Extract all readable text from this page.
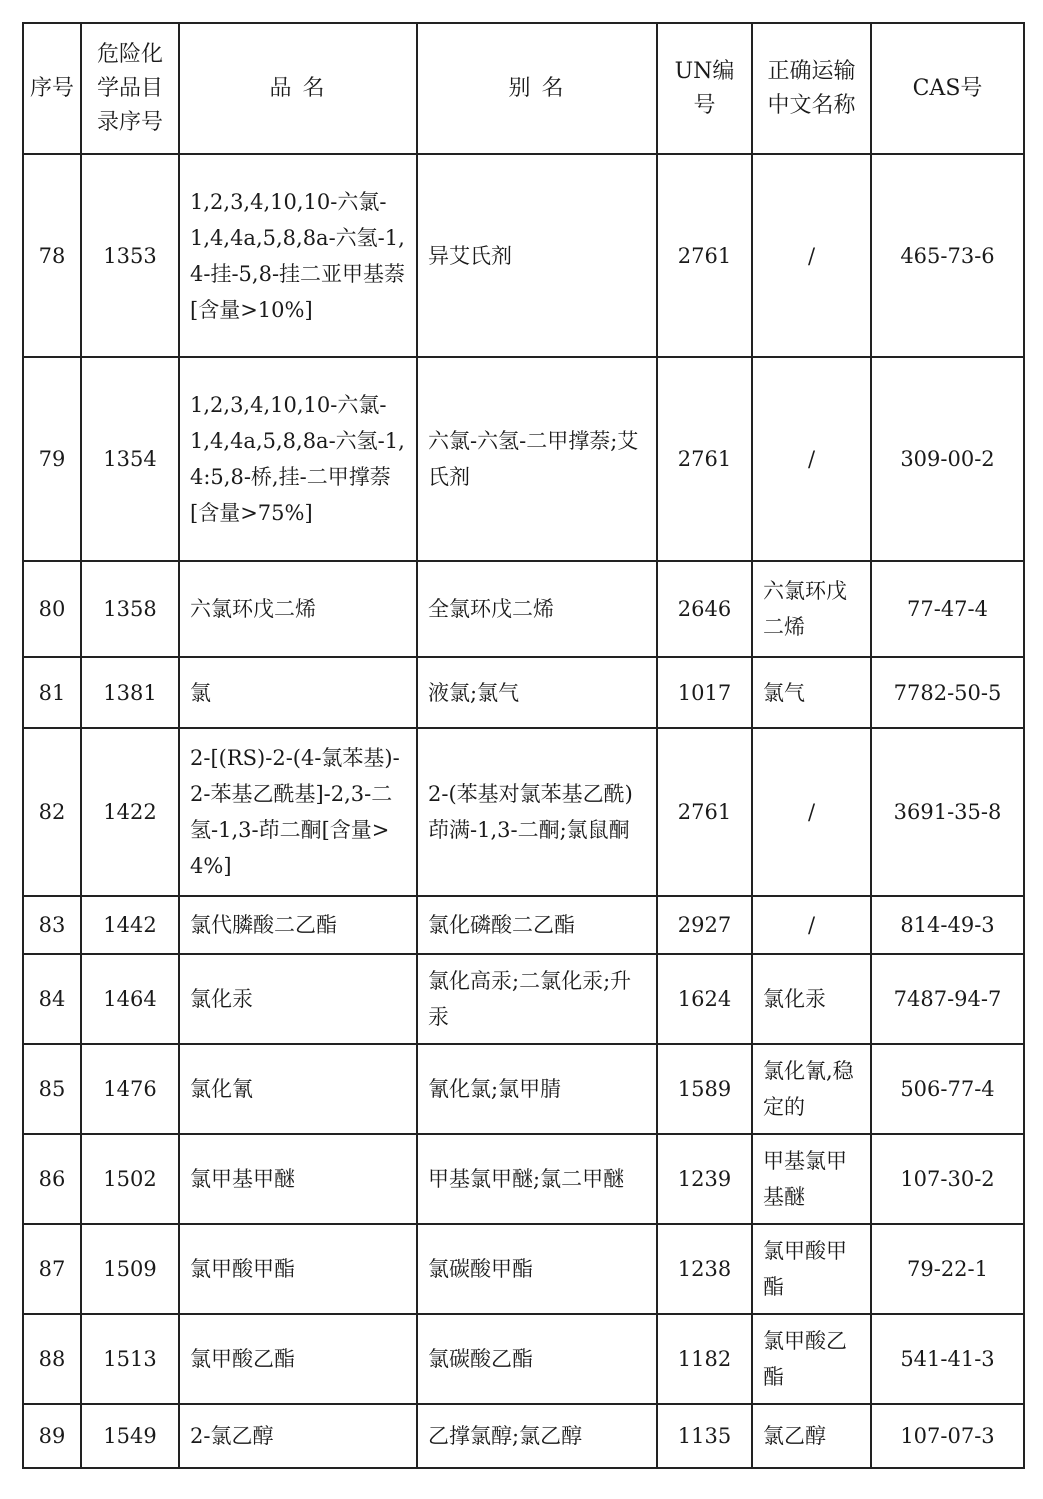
序号	危险化学品目录序号	品 名	别 名	UN编号	正确运输中文名称	CAS号
78	1353	1,2,3,4,10,10-六氯-1,4,4a,5,8,8a-六氢-1,4-挂-5,8-挂二亚甲基萘[含量>10%]	异艾氏剂	2761	/	465-73-6
79	1354	1,2,3,4,10,10-六氯-1,4,4a,5,8,8a-六氢-1,4:5,8-桥,挂-二甲撑萘[含量>75%]	六氯-六氢-二甲撑萘;艾氏剂	2761	/	309-00-2
80	1358	六氯环戊二烯	全氯环戊二烯	2646	六氯环戊二烯	77-47-4
81	1381	氯	液氯;氯气	1017	氯气	7782-50-5
82	1422	2-[(RS)-2-(4-氯苯基)-2-苯基乙酰基]-2,3-二氢-1,3-茚二酮[含量>4%]	2-(苯基对氯苯基乙酰)茚满-1,3-二酮;氯鼠酮	2761	/	3691-35-8
83	1442	氯代膦酸二乙酯	氯化磷酸二乙酯	2927	/	814-49-3
84	1464	氯化汞	氯化高汞;二氯化汞;升汞	1624	氯化汞	7487-94-7
85	1476	氯化氰	氰化氯;氯甲腈	1589	氯化氰,稳定的	506-77-4
86	1502	氯甲基甲醚	甲基氯甲醚;氯二甲醚	1239	甲基氯甲基醚	107-30-2
87	1509	氯甲酸甲酯	氯碳酸甲酯	1238	氯甲酸甲酯	79-22-1
88	1513	氯甲酸乙酯	氯碳酸乙酯	1182	氯甲酸乙酯	541-41-3
89	1549	2-氯乙醇	乙撑氯醇;氯乙醇	1135	氯乙醇	107-07-3
